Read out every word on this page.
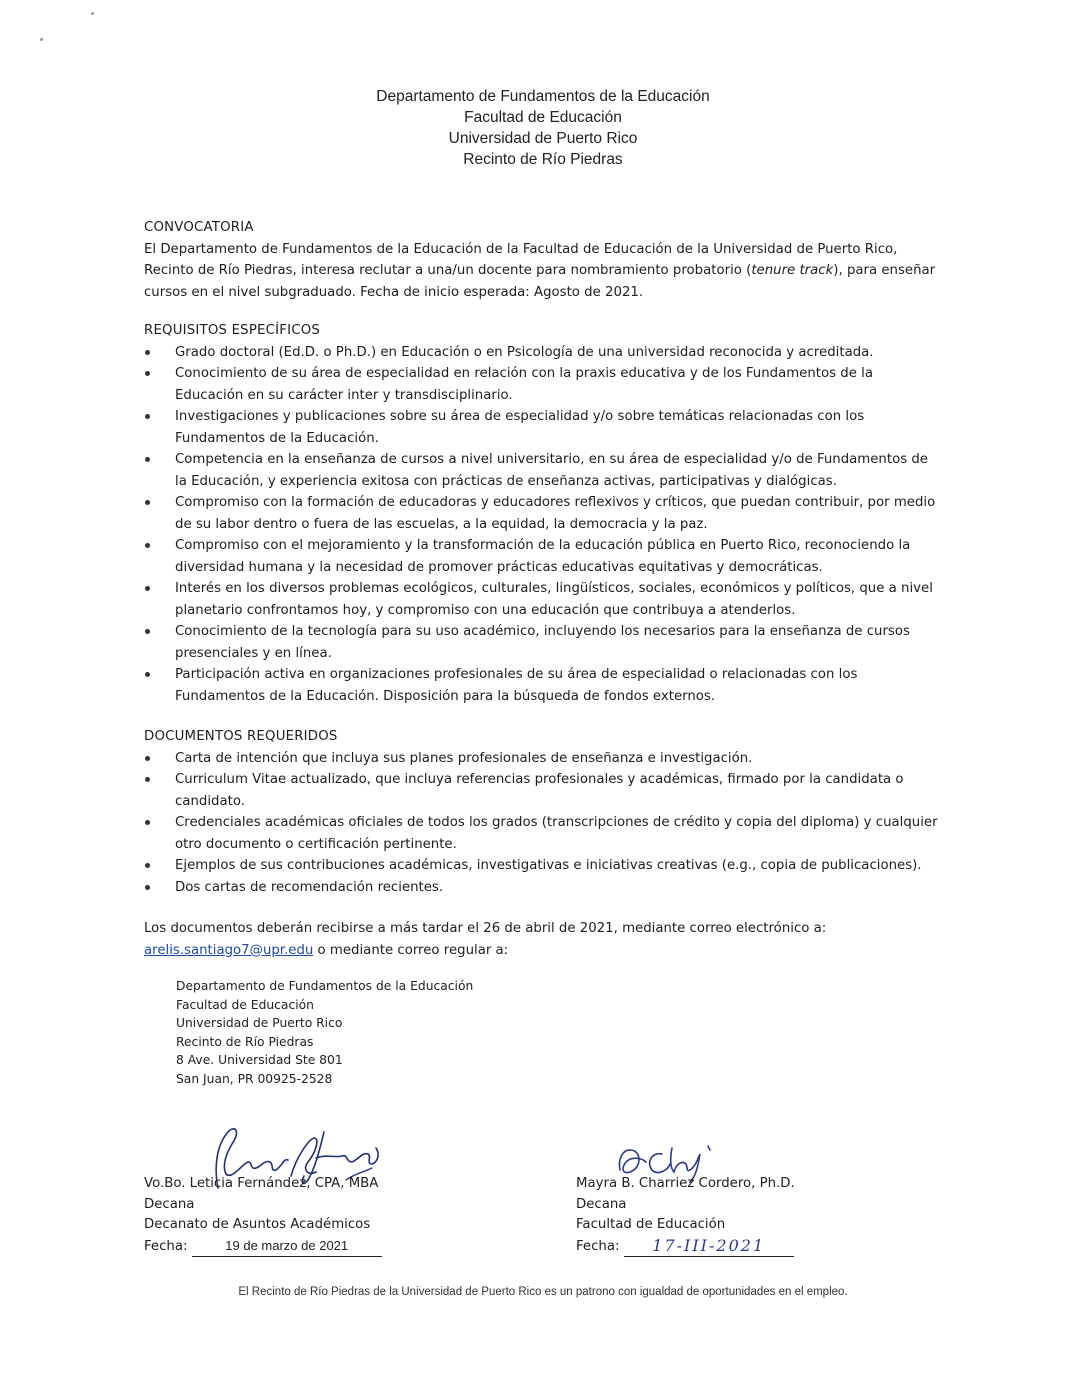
Departamento de Fundamentos de la Educación
Facultad de Educación
Universidad de Puerto Rico
Recinto de Río Piedras
CONVOCATORIA
El Departamento de Fundamentos de la Educación de la Facultad de Educación de la Universidad de Puerto Rico, Recinto de Río Piedras, interesa reclutar a una/un docente para nombramiento probatorio (tenure track), para enseñar cursos en el nivel subgraduado. Fecha de inicio esperada: Agosto de 2021.
REQUISITOS ESPECÍFICOS
Grado doctoral (Ed.D. o Ph.D.) en Educación o en Psicología de una universidad reconocida y acreditada.
Conocimiento de su área de especialidad en relación con la praxis educativa y de los Fundamentos de la Educación en su carácter inter y transdisciplinario.
Investigaciones y publicaciones sobre su área de especialidad y/o sobre temáticas relacionadas con los Fundamentos de la Educación.
Competencia en la enseñanza de cursos a nivel universitario, en su área de especialidad y/o de Fundamentos de la Educación, y experiencia exitosa con prácticas de enseñanza activas, participativas y dialógicas.
Compromiso con la formación de educadoras y educadores reflexivos y críticos, que puedan contribuir, por medio de su labor dentro o fuera de las escuelas, a la equidad, la democracia y la paz.
Compromiso con el mejoramiento y la transformación de la educación pública en Puerto Rico, reconociendo la diversidad humana y la necesidad de promover prácticas educativas equitativas y democráticas.
Interés en los diversos problemas ecológicos, culturales, lingüísticos, sociales, económicos y políticos, que a nivel planetario confrontamos hoy, y compromiso con una educación que contribuya a atenderlos.
Conocimiento de la tecnología para su uso académico, incluyendo los necesarios para la enseñanza de cursos presenciales y en línea.
Participación activa en organizaciones profesionales de su área de especialidad o relacionadas con los Fundamentos de la Educación. Disposición para la búsqueda de fondos externos.
DOCUMENTOS REQUERIDOS
Carta de intención que incluya sus planes profesionales de enseñanza e investigación.
Curriculum Vitae actualizado, que incluya referencias profesionales y académicas, firmado por la candidata o candidato.
Credenciales académicas oficiales de todos los grados (transcripciones de crédito y copia del diploma) y cualquier otro documento o certificación pertinente.
Ejemplos de sus contribuciones académicas, investigativas e iniciativas creativas (e.g., copia de publicaciones).
Dos cartas de recomendación recientes.
Los documentos deberán recibirse a más tardar el 26 de abril de 2021, mediante correo electrónico a:
arelis.santiago7@upr.edu o mediante correo regular a:
Departamento de Fundamentos de la Educación
Facultad de Educación
Universidad de Puerto Rico
Recinto de Río Piedras
8 Ave. Universidad Ste 801
San Juan, PR 00925-2528
Vo.Bo. Leticia Fernández, CPA, MBA
Decana
Decanato de Asuntos Académicos
Fecha:	19 de marzo de 2021
Mayra B. Charriez Cordero, Ph.D.
Decana
Facultad de Educación
Fecha: 17-III-2021
El Recinto de Río Piedras de la Universidad de Puerto Rico es un patrono con igualdad de oportunidades en el empleo.
